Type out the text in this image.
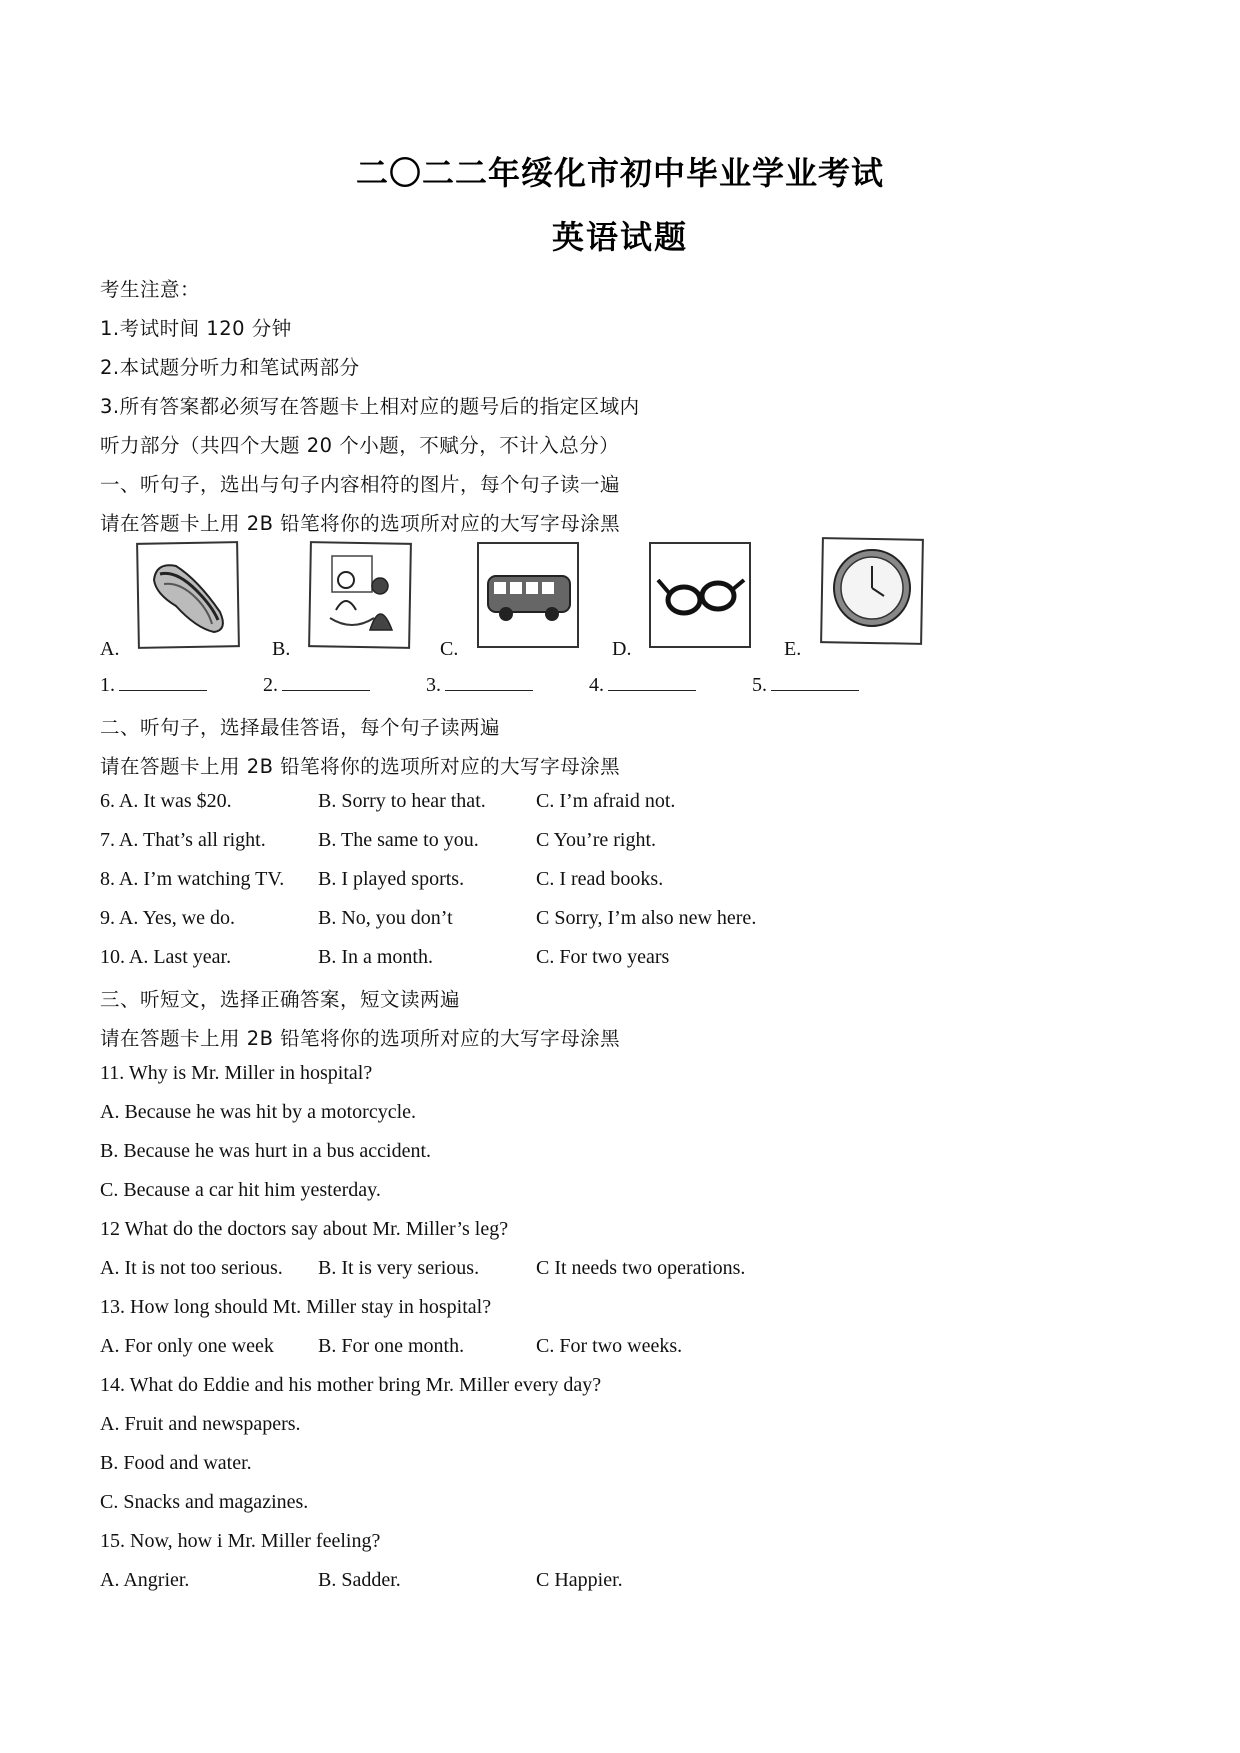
二〇二二年绥化市初中毕业学业考试
英语试题
考生注意：
1.考试时间 120 分钟
2.本试题分听力和笔试两部分
3.所有答案都必须写在答题卡上相对应的题号后的指定区域内
听力部分（共四个大题 20 个小题，不赋分，不计入总分）
一、听句子，选出与句子内容相符的图片，每个句子读一遍
请在答题卡上用 2B 铅笔将你的选项所对应的大写字母涂黑
A.	B.	C.	D.	E.
1.	2.	3.	4.	5.
二、听句子，选择最佳答语，每个句子读两遍
请在答题卡上用 2B 铅笔将你的选项所对应的大写字母涂黑
6. A. It was $20.	B. Sorry to hear that.	C. I’m afraid not.
7. A. That’s all right.	B. The same to you.	C You’re right.
8. A. I’m watching TV. B. I played sports.	C. I read books.
9. A. Yes, we do.	B. No, you don’t	C Sorry, I’m also new here.
10. A. Last year.	B. In a month.	C. For two years
三、听短文，选择正确答案，短文读两遍
请在答题卡上用 2B 铅笔将你的选项所对应的大写字母涂黑
11. Why is Mr. Miller in hospital?
A. Because he was hit by a motorcycle.
B. Because he was hurt in a bus accident.
C. Because a car hit him yesterday.
12 What do the doctors say about Mr. Miller’s leg?
A. It is not too serious. B. It is very serious.	C It needs two operations.
13. How long should Mt. Miller stay in hospital?
A. For only one week B. For one month.	C. For two weeks.
14. What do Eddie and his mother bring Mr. Miller every day?
A. Fruit and newspapers.
B. Food and water.
C. Snacks and magazines.
15. Now, how i Mr. Miller feeling?
A. Angrier.	B. Sadder.	C Happier.
